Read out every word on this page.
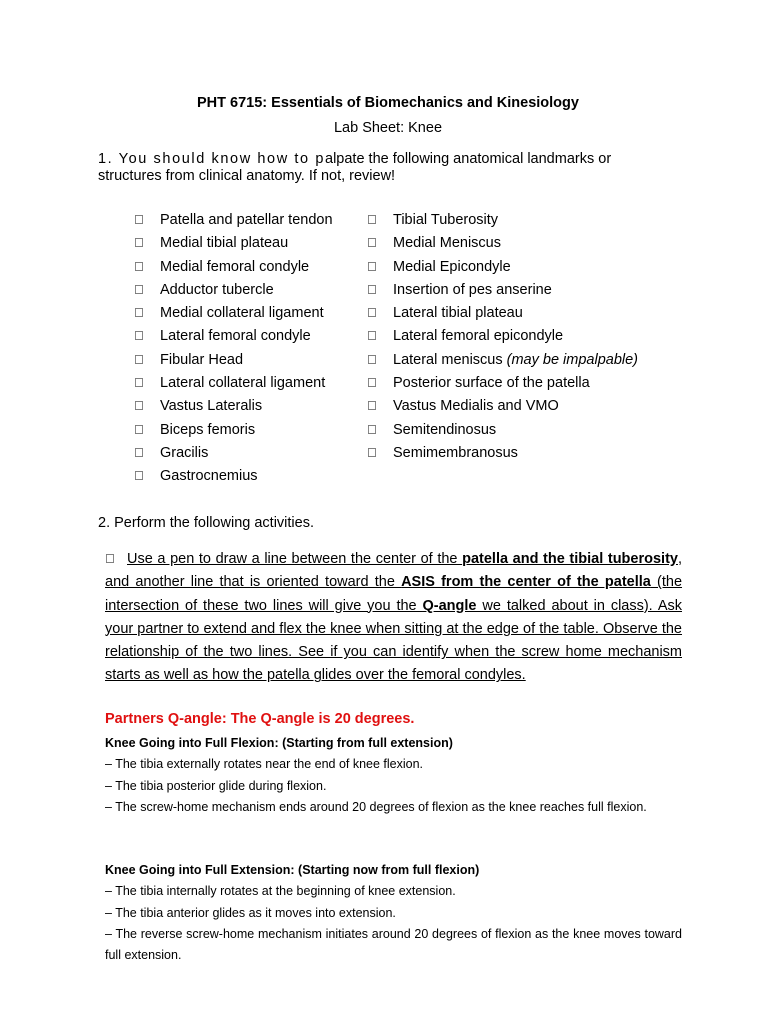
PHT 6715: Essentials of Biomechanics and Kinesiology
Lab Sheet: Knee
1. You should know how to palpate the following anatomical landmarks or structures from clinical anatomy. If not, review!
Patella and patellar tendon
Medial tibial plateau
Medial femoral condyle
Adductor tubercle
Medial collateral ligament
Lateral femoral condyle
Fibular Head
Lateral collateral ligament
Vastus Lateralis
Biceps femoris
Gracilis
Gastrocnemius
Tibial Tuberosity
Medial Meniscus
Medial Epicondyle
Insertion of pes anserine
Lateral tibial plateau
Lateral femoral epicondyle
Lateral meniscus (may be impalpable)
Posterior surface of the patella
Vastus Medialis and VMO
Semitendinosus
Semimembranosus
2. Perform the following activities.
Use a pen to draw a line between the center of the patella and the tibial tuberosity, and another line that is oriented toward the ASIS from the center of the patella (the intersection of these two lines will give you the Q-angle we talked about in class). Ask your partner to extend and flex the knee when sitting at the edge of the table. Observe the relationship of the two lines. See if you can identify when the screw home mechanism starts as well as how the patella glides over the femoral condyles.
Partners Q-angle: The Q-angle is 20 degrees.
Knee Going into Full Flexion: (Starting from full extension)
– The tibia externally rotates near the end of knee flexion.
– The tibia posterior glide during flexion.
– The screw-home mechanism ends around 20 degrees of flexion as the knee reaches full flexion.
Knee Going into Full Extension: (Starting now from full flexion)
– The tibia internally rotates at the beginning of knee extension.
– The tibia anterior glides as it moves into extension.
– The reverse screw-home mechanism initiates around 20 degrees of flexion as the knee moves toward full extension.
